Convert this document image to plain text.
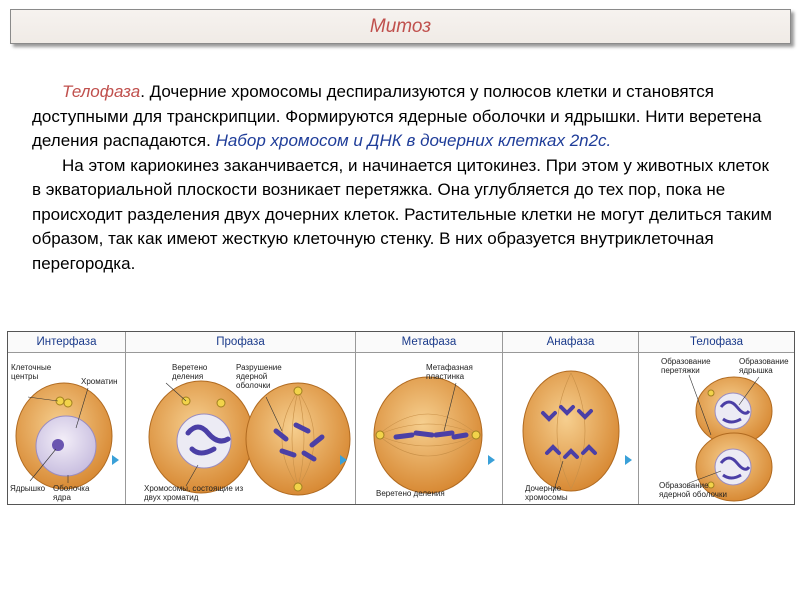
Митоз

Телофаза. Дочерние хромосомы деспирализуются у полюсов клетки и становятся доступными для транскрипции. Формируются ядерные оболочки и ядрышки. Нити веретена деления распадаются. Набор хромосом и ДНК в дочерних клетках 2n2c.

На этом кариокинез заканчивается, и начинается цитокинез. При этом у животных клеток в экваториальной плоскости возникает перетяжка. Она углубляется до тех пор, пока не происходит разделения двух дочерних клеток. Растительные клетки не могут делиться таким образом, так как имеют жесткую клеточную стенку. В них образуется внутриклеточная перегородка.

Интерфаза
Клеточные центры
Хроматин
Ядрышко Оболочка ядра
Профаза
Веретено деления
Разрушение ядерной оболочки
Хромосомы, состоящие из двух хроматид
Метафаза
Метафазная пластинка
Веретено деления
Анафаза
Дочерние хромосомы
Телофаза
Образование перетяжки
Образование ядрышка
Образование ядерной оболочки
